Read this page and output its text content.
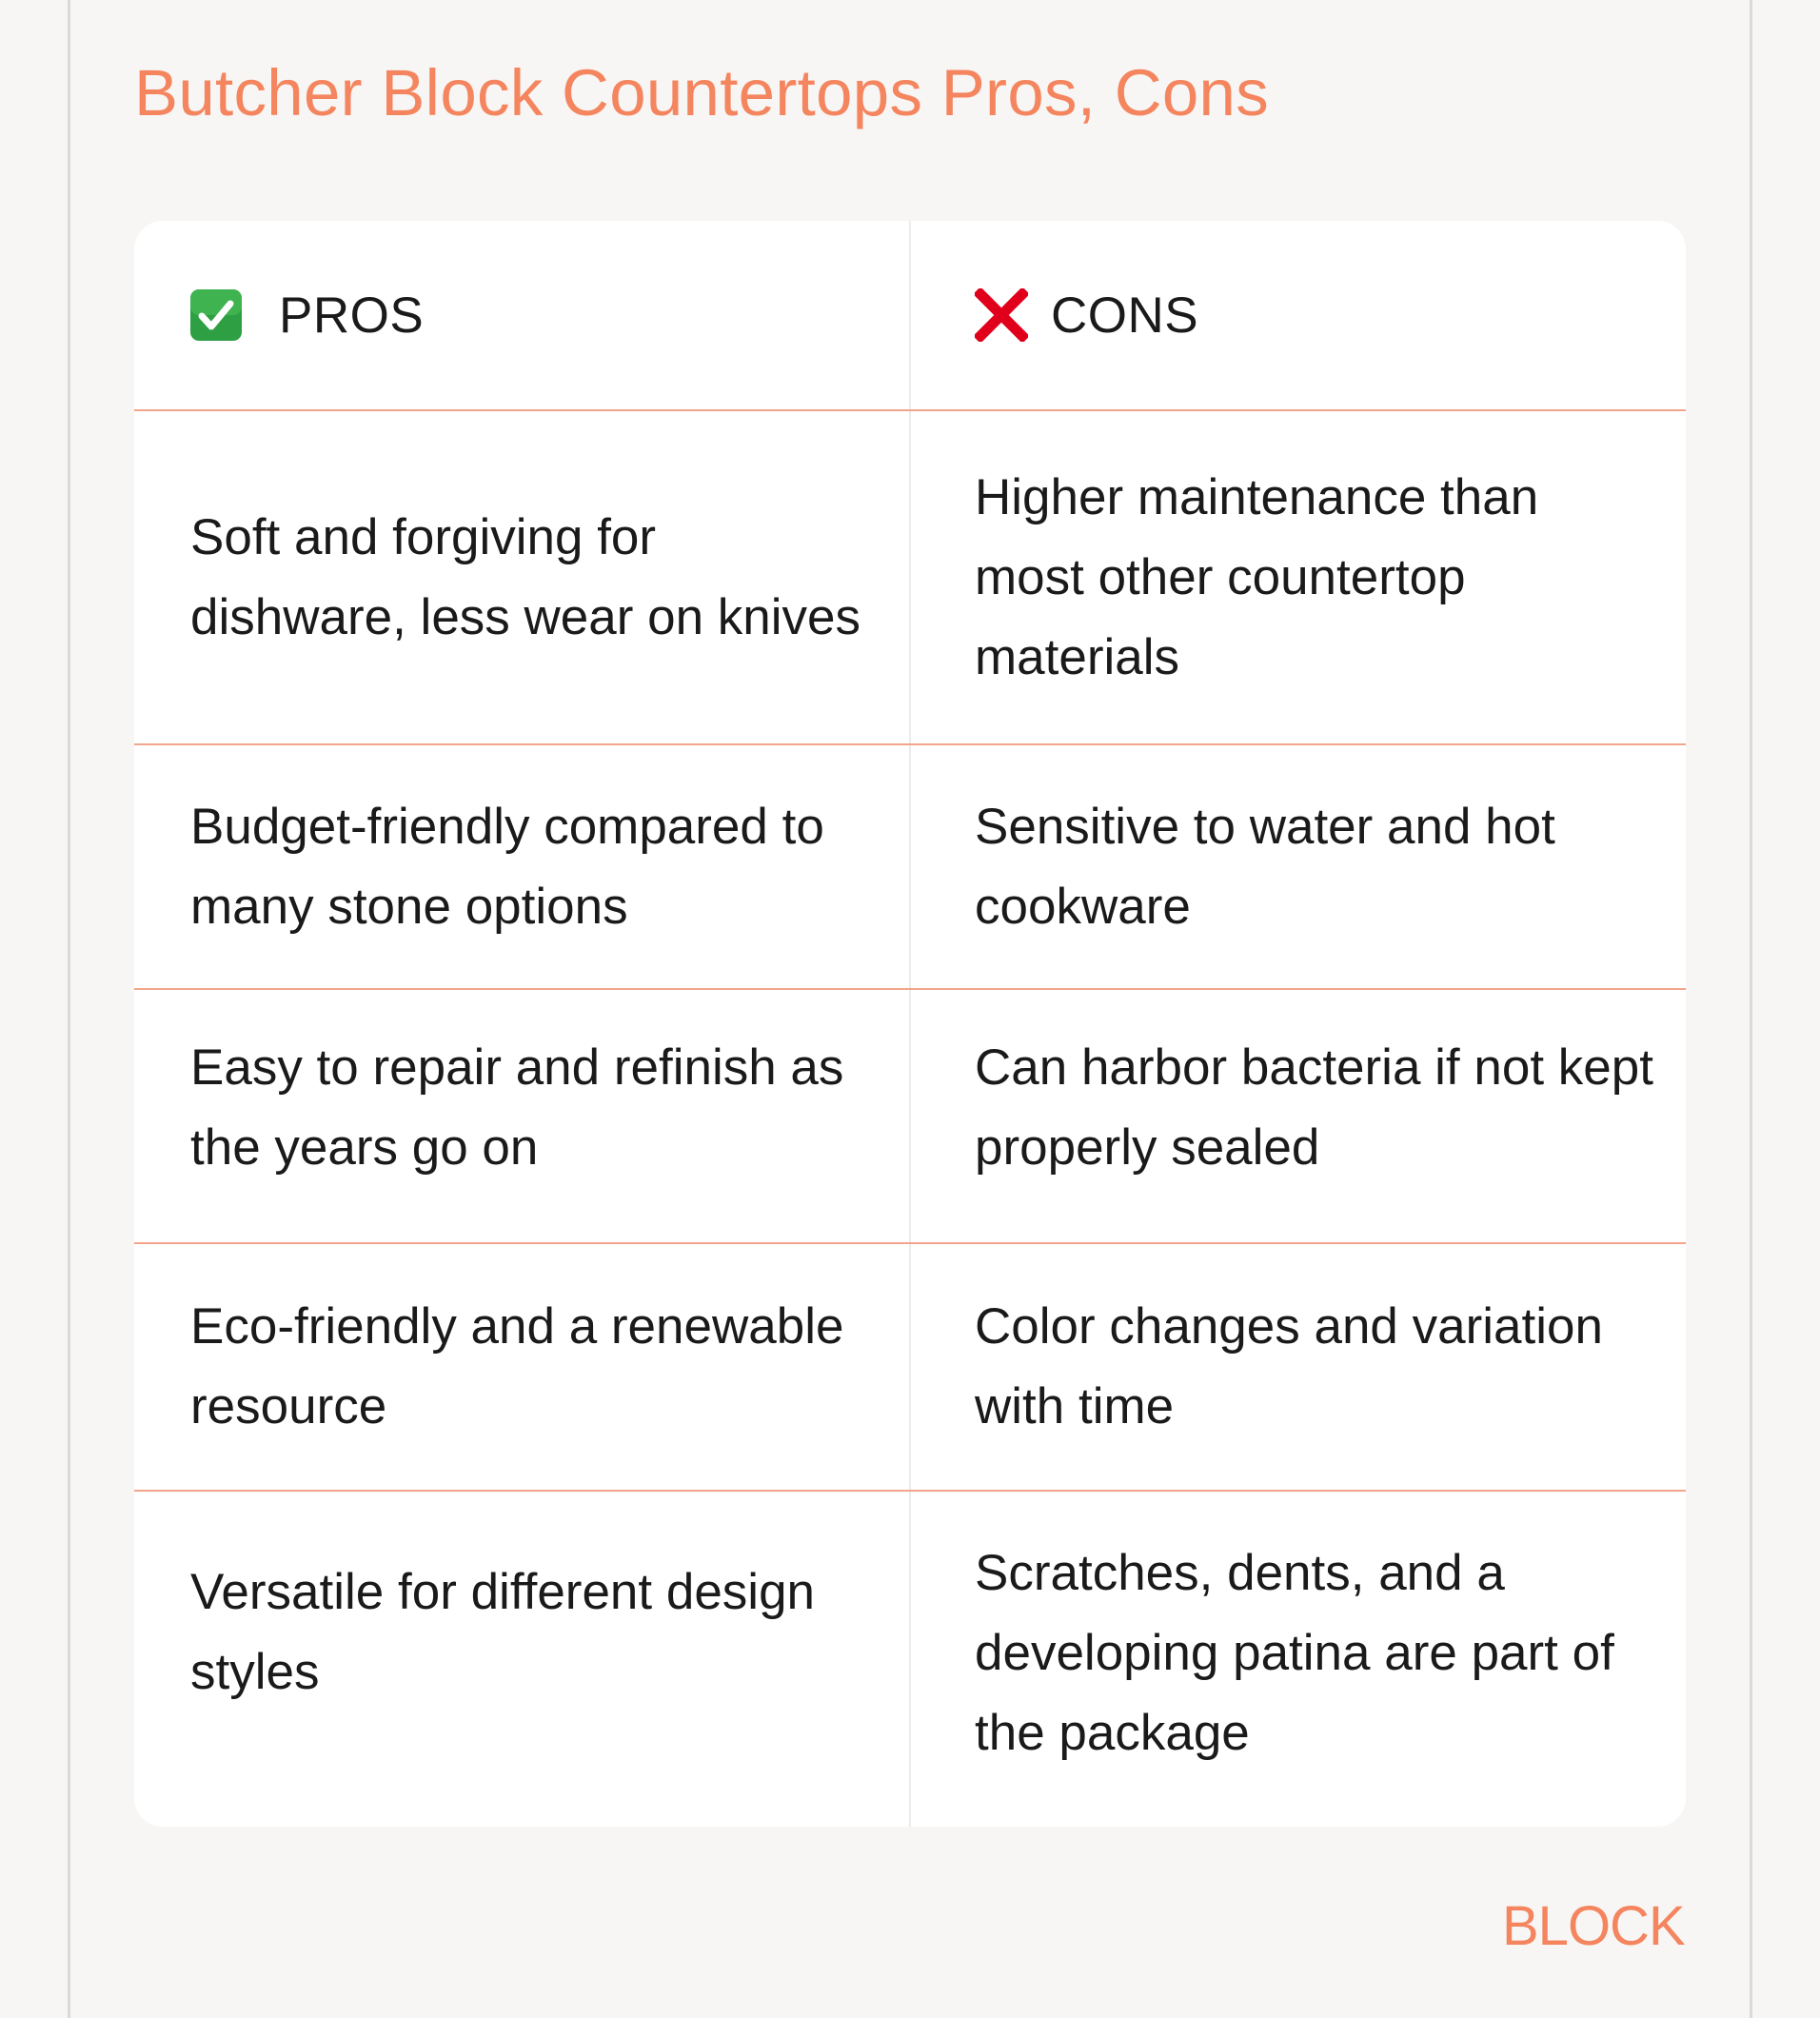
Butcher Block Countertops Pros, Cons
PROS	CONS
Soft and forgiving for dishware, less wear on knives
Higher maintenance than most other countertop materials
Budget-friendly compared to many stone options
Sensitive to water and hot cookware
Easy to repair and refinish as the years go on
Can harbor bacteria if not kept properly sealed
Eco-friendly and a renewable resource
Color changes and variation with time
Versatile for different design styles
Scratches, dents, and a developing patina are part of the package
BLOCK
